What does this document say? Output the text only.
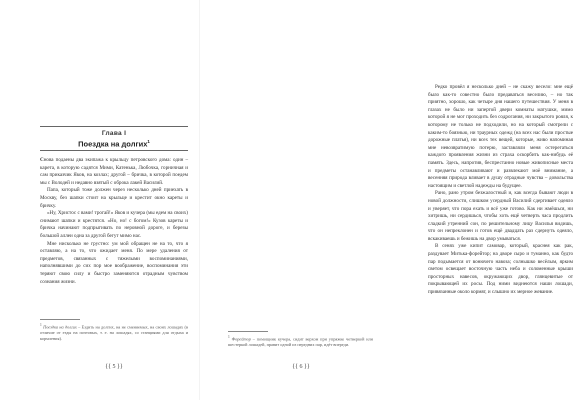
Глава I
Поездка на долгих$^1$

Снова подаены два экипажа к крыльцу петровского дома: один – карета, в которую садятся Мими, Катенька, Любочка, горничная и сам приказчик Яков, на козлах; другой – бричка, в которой поедем мы с Володей и недавно взятый с оброка лакей Василий.

Папа, который тоже должен через несколько дней приехать в Москву, без шапки стоит на крыльце и крестит окно кареты и бричку.

«Ну, Христос с вами! трогай!» Яков и кучера (мы едем на своих) снимают шапки и крестятся. «Но, но! с богом!» Кузов кареты и бричка начинают подпрыгивать по неровной дороге, и березы большой аллеи одна за другой бегут мимо нас.

Мне нисколько не грустно: ум мой обращен не на то, что я оставляю, а на то, что ожидает меня. По мере удаления от предметов, связанных с тяжелыми воспоминаниями, наполнявшими до сих пор мое воображение, воспоминания эти теряют свою силу и быстро заменяются отрадным чувством сознания жизни.

$^1$ Поездка на долгих – Ездить на долгих, на не сменяемых, на своих лошадях (в отличие от езды на почтовых, т. е. на лошадях, со станциями для отдыха и кормления).
{{ 5 }}

Редко провёл я несколько дней – не скажу весело: мне ещё было как-то совестно было предаваться веселию, – но так приятно, хорошо, как четыре дня нашего путешествия. У меня в глазах не было ни запертой двери комнаты матушки, мимо которой я не мог проходить без содрогания, ни закрытого рояля, к которому не только не подходили, но на который смотрели с каким-то боязнью, ни траурных одежд (на всех нас были простые дорожные платья), ни всех тех вещей, которые, живо напоминая мне невозвратимую потерю, заставляли меня остерегаться каждого проявления жизни из страха оскорбить как-нибудь её память. Здесь, напротив, беспрестанно новые живописные места и предметы останавливают и развлекают моё внимание, а весенняя природа вливает в душу отрадные чувства – довольства настоящим и светлой надежды на будущее.

Рано, рано утром безжалостный и, как всегда бывают люди в новой должности, слишком усердный Василий сдергивает одеяло и уверяет, что пора ехать и всё уже готово. Как ни жмёшься, ни хитришь, ни сердишься, чтобы хоть ещё четверть часа продлить сладкий утренний сон, по решительному лицу Василья видишь, что он непреклонен и готов ещё двадцать раз сдернуть одеяло, вскакиваешь и бежишь на двор умываться.

В сенях уже кипит самовар, который, краснея как рак, раздувает Митька-форейтор; на дворе сыро и туманно, как будто пар подымается от вонючего навоза; солнышко весёлым, ярким светом освещает восточную часть неба и соломенные крыши просторных навесов, окружающих двор, глянцевитые от покрывающей их росы. Под ними виднеются наши лошади, привязанные около кормяг, и слышно их мерное жевание.

$^1$ Форейтор – помощник кучера, сидит верхом при упряжке четверкой или шестеркой лошадей, правит одной из передних пар, идёт впереди.
{{ 6 }}
